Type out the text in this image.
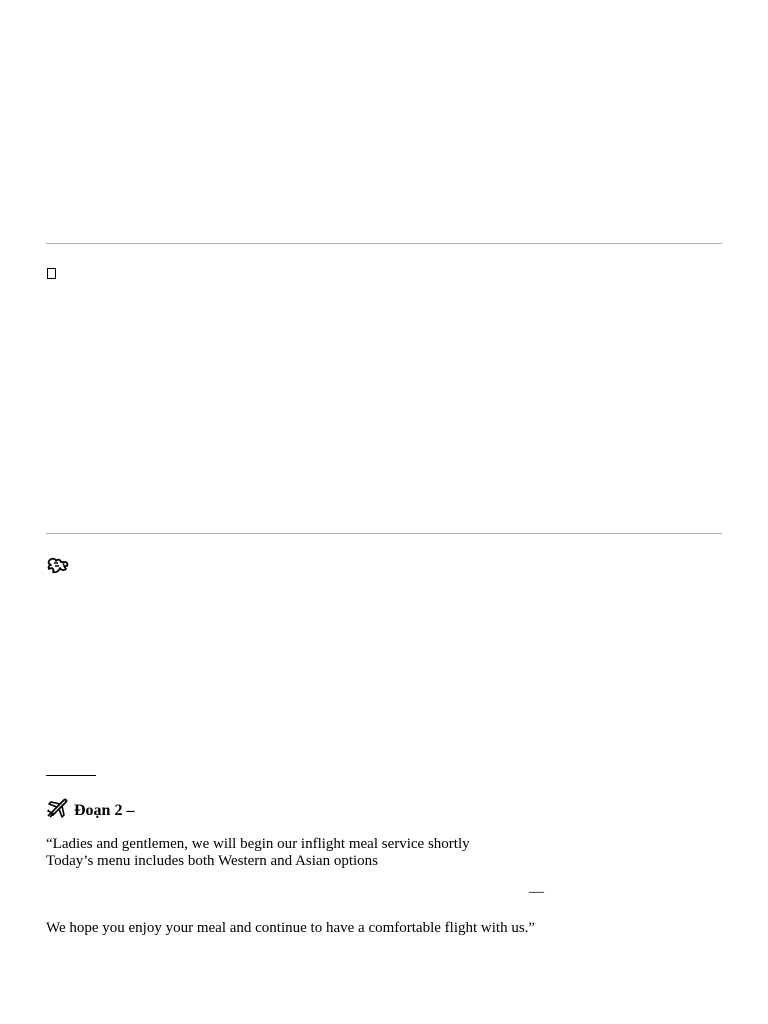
Đoạn 2 –
“Ladies and gentlemen, we will begin our inflight meal service shortly
Today’s menu includes both Western and Asian options
—
We hope you enjoy your meal and continue to have a comfortable flight with us.”
